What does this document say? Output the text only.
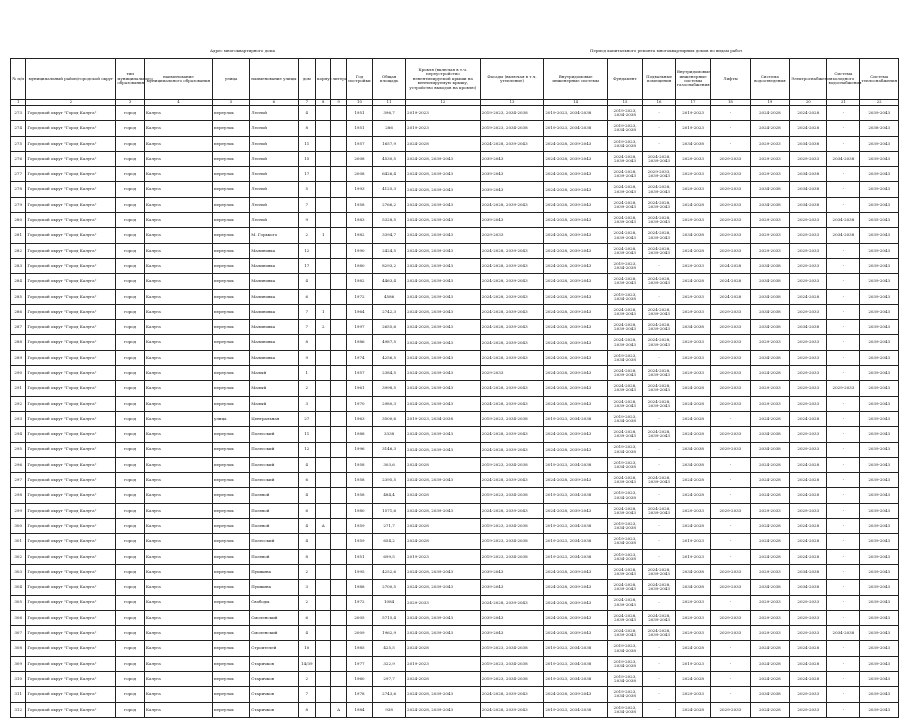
Адрес многоквартирного дома	Период капитального ремонта многоквартирных домов по видам работ
№ п/п	муниципальный район/городской округ	тип муниципального образования	наименование муниципального образования	улица	наименование улицы	дом	корпус	литера	Год постройки	Общая площадь	Кровля (включая в т.ч. переустройство невентилируемой крыши на вентилируемую крышу, устройство выходов на кровлю)	Фасады (включая в т.ч. утепление)	Внутридомовые инженерные системы	Фундамент	Подвальные помещения	Внутридомовые инженерные системы газоснабжения	Лифты	Система водоотведения	Электроснабжения	Система холодного водоснабжения	Система теплоснабжения
1	2	3	4	5	6	7	8	9	10	11	12	13	14	15	16	17	18	19	20	21	22
273	Городской округ "Город Калуга"	город	Калуга	переулок	Лесной	4			1951	396,7	2019-2023	2019-2023, 2034-2038	2019-2023, 2034-2038	2019-2023, 2034-2038	-	2019-2023	-	2024-2028	2024-2028	-	2039-2043
274	Городской округ "Город Калуга"	город	Калуга	переулок	Лесной	8			1951	286	2019-2023	2019-2023, 2034-2038	2019-2023, 2034-2038	2019-2023, 2034-2038	-	2019-2023	-	2024-2028	2024-2028	-	2038-2043
275	Городской округ "Город Калуга"	город	Калуга	переулок	Лесной	11			1957	1657,9	2024-2028	2024-2028, 2039-2043	2024-2028, 2039-2043	2019-2023, 2034-2038	-	2034-2038	-	2029-2033	2034-2038	-	2039-2043
276	Городской округ "Город Калуга"	город	Калуга	переулок	Лесной	15			2008	4530,5	2024-2028, 2039-2043	2039-2043	2024-2028, 2039-2043	2024-2028, 2039-2043	2024-2028, 2039-2043	2029-2033	2029-2033	2029-2033	2029-2033	2034-2038	2039-2043
277	Городской округ "Город Калуга"	город	Калуга	переулок	Лесной	17			2008	6426,4	2024-2028, 2039-2043	2039-2043	2024-2028, 2039-2043	2024-2028, 2039-2043	2029-2033, 2039-2043	2029-2033	2029-2033	2029-2033	2034-2038	-	2039-2043
278	Городской округ "Город Калуга"	город	Калуга	переулок	Лесной	5			1993	4125,3	2024-2028, 2039-2043	2039-2043	2024-2028, 2039-2043	2024-2028, 2039-2043	2024-2028, 2039-2043	2029-2033	2029-2033	2034-2038	2034-2038	-	2039-2043
279	Городской округ "Город Калуга"	город	Калуга	переулок	Лесной	7			1958	2766,2	2024-2028, 2039-2043	2024-2028, 2039-2043	2024-2028, 2039-2043	2024-2028, 2039-2043	2024-2028, 2039-2043	2024-2028	2029-2033	2034-2038	2034-2038	-	2039-2043
280	Городской округ "Город Калуга"	город	Калуга	переулок	Лесной	9			1983	5328,5	2024-2028, 2039-2043	2039-2043	2024-2028, 2039-2043	2024-2028, 2039-2043	2024-2028, 2039-2043	2029-2033	2029-2033	2029-2033	2029-2033	2034-2038	2035-2043
281	Городской округ "Город Калуга"	город	Калуга	переулок	М. Горького	2	1		1982	3394,7	2024-2028, 2039-2043	2029-2033	2024-2028, 2039-2043	2024-2028, 2039-2043	2024-2028, 2039-2043	2034-2038	2029-2033	2029-2033	2029-2033	2034-2038	2039-2043
282	Городской округ "Город Калуга"	город	Калуга	переулок	Малиновка	12			1990	2424,5	2024-2028, 2039-2043	2024-2028, 2039-2043	2024-2028, 2039-2043	2024-2028, 2039-2043	2024-2028, 2039-2043	2024-2028	2029-2033	2029-2033	2029-2033	-	2039-2043
283	Городской округ "Город Калуга"	город	Калуга	переулок	Малиновка	17			1980	8293,2	2024-2028, 2039-2043	2024-2028, 2039-2043	2024-2028, 2039-2043	2019-2023, 2034-2038	-	2029-2033	2024-2028	2034-2038	2029-2033	-	2039-2043
284	Городской округ "Город Калуга"	город	Калуга	переулок	Малиновка	4			1982	4463,4	2024-2028, 2039-2043	2024-2028, 2039-2043	2024-2028, 2039-2043	2024-2028, 2039-2043	2024-2028, 2039-2043	2024-2028	2024-2028	2034-2038	2029-2033	-	2039-2043
285	Городской округ "Город Калуга"	город	Калуга	переулок	Малиновка	6			1972	4586	2024-2028, 2039-2043	2024-2028, 2039-2043	2024-2028, 2039-2043	2019-2023, 2034-2038	-	2029-2033	2024-2028	2034-2038	2024-2028	-	2039-2043
286	Городской округ "Город Калуга"	город	Калуга	переулок	Малиновка	7	1		1964	2742,3	2024-2028, 2039-2043	2024-2028, 2039-2043	2024-2028, 2039-2043	2024-2028, 2039-2043	2024-2028, 2039-2043	2029-2033	2029-2033	2034-2038	2029-2033	-	2039-2043
287	Городской округ "Город Калуга"	город	Калуга	переулок	Малиновка	7	2		1997	2655,6	2024-2028, 2039-2043	2024-2028, 2039-2043	2024-2028, 2039-2043	2024-2028, 2039-2043	2024-2028, 2039-2043	2034-2038	2029-2033	2034-2038	2034-2038	-	2039-2043
288	Городской округ "Город Калуга"	город	Калуга	переулок	Малиновка	8			1986	4987,5	2024-2028, 2039-2043	2024-2028, 2039-2043	2024-2028, 2039-2043	2024-2028, 2039-2043	2024-2028, 2039-2043	2029-2033	2029-2033	2029-2033	2029-2033	-	2039-2043
289	Городской округ "Город Калуга"	город	Калуга	переулок	Малиновка	9			1974	4256,5	2024-2028, 2039-2043	2024-2028, 2039-2043	2024-2028, 2039-2043	2019-2023, 2034-2038	-	2029-2033	2029-2033	2034-2038	2029-2033	-	2039-2043
290	Городской округ "Город Калуга"	город	Калуга	переулок	Малый	1			1957	2384,5	2024-2028, 2039-2043	2029-2033	2024-2028, 2039-2043	2024-2028, 2039-2043	2024-2028, 2039-2043	2029-2033	2029-2033	2024-2028	2029-2033	-	2039-2043
291	Городской округ "Город Калуга"	город	Калуга	переулок	Малый	2			1961	3998,5	2024-2028, 2039-2043	2024-2028, 2039-2043	2024-2028, 2039-2043	2024-2028, 2039-2043	2024-2028, 2039-2043	2024-2028	2029-2033	2029-2033	2029-2033	2029-2033	2039-2043
292	Городской округ "Город Калуга"	город	Калуга	переулок	Малый	3			1970	2980,3	2024-2028, 2039-2043	2024-2028, 2039-2043	2024-2028, 2039-2043	2024-2028, 2039-2043	2024-2028, 2039-2043	2024-2028	2029-2033	2029-2033	2029-2033	-	2039-2043
293	Городской округ "Город Калуга"	город	Калуга	улица	Центральная	27			1963	3500,6	2019-2023, 2034-2038	2019-2023, 2034-2038	2019-2023, 2034-2038	2019-2023, 2034-2038	-	2024-2028	-	2024-2028	2024-2028	-	2039-2043
294	Городской округ "Город Калуга"	город	Калуга	переулок	Полесский	11			1988	3338	2024-2028, 2039-2043	2024-2028, 2039-2043	2024-2028, 2039-2043	2024-2028, 2039-2043	2024-2028, 2039-2043	2024-2028	2029-2033	2034-2038	2029-2033	-	2039-2043
295	Городской округ "Город Калуга"	город	Калуга	переулок	Полесский	12			1996	3146,3	2024-2028, 2039-2043	2024-2028, 2039-2043	2024-2028, 2039-2043	2019-2023, 2034-2038	-	2034-2038	2029-2033	2034-2038	2029-2033	-	2039-2043
296	Городской округ "Город Калуга"	город	Калуга	переулок	Полесский	4			1958	303,6	2024-2028	2019-2023, 2034-2038	2019-2023, 2034-2038	2019-2023, 2034-2038	-	2034-2038	-	2024-2028	2024-2028	-	2039-2043
297	Городской округ "Город Калуга"	город	Калуга	переулок	Полесский	6			1958	2395,5	2024-2028, 2039-2043	2024-2028, 2039-2043	2024-2028, 2039-2043	2024-2028, 2039-2043	2024-2028, 2039-2043	2024-2028	-	2024-2028	2024-2028	-	2039-2043
298	Городской округ "Город Калуга"	город	Калуга	переулок	Полевой	4			1958	484,4	2024-2028	2019-2023, 2034-2038	2019-2023, 2034-2038	2019-2023, 2034-2038	-	2024-2028	-	2024-2028	2024-2028	-	2039-2043
299	Городской округ "Город Калуга"	город	Калуга	переулок	Полевой	6			1980	1571,6	2024-2028, 2039-2043	2024-2028, 2039-2043	2024-2028, 2039-2043	2024-2028, 2039-2043	2024-2028, 2039-2043	2029-2033	2029-2033	2029-2033	2029-2033	-	2039-2043
300	Городской округ "Город Калуга"	город	Калуга	переулок	Полевой	4	А		1959	271,7	2024-2028	2019-2023, 2034-2038	2019-2023, 2034-2038	2019-2023, 2034-2038	-	2024-2028	-	2024-2028	2024-2028	-	2039-2043
301	Городской округ "Город Калуга"	город	Калуга	переулок	Полесский	4			1959	654,2	2024-2028	2019-2023, 2034-2038	2019-2023, 2034-2038	2019-2023, 2034-2038	-	2019-2023	-	2024-2028	2024-2028	-	2039-2043
302	Городской округ "Город Калуга"	город	Калуга	переулок	Полевой	8			1951	699,5	2019-2023	2019-2023, 2034-2038	2019-2023, 2034-2038	2019-2023, 2034-2038	-	2019-2023	-	2024-2028	2024-2028	-	2039-2043
303	Городской округ "Город Калуга"	город	Калуга	переулок	Пушкина	2			1995	4252,6	2024-2028, 2039-2043	2039-2043	2024-2028, 2039-2043	2024-2028, 2039-2043	2024-2028, 2039-2043	2034-2038	2029-2033	2029-2033	2034-2038	-	2039-2043
304	Городской округ "Город Калуга"	город	Калуга	переулок	Пушкина	3			1988	2700,5	2024-2028, 2039-2043	2039-2043	2024-2028, 2039-2043	2024-2028, 2039-2043	2024-2028, 2039-2043	2034-2038	2029-2033	2034-2038	2034-2038	-	2039-2043
305	Городской округ "Город Калуга"	город	Калуга	переулок	Свободы	2			1972	1084	2029-2033	2024-2028, 2039-2043	2024-2028, 2039-2043	2024-2028, 2039-2043	-	2029-2033	-	2029-2033	2029-2033	-	2039-2043
306	Городской округ "Город Калуга"	город	Калуга	переулок	Смоленский	6			2005	5715,4	2024-2028, 2039-2043	2039-2043	2024-2028, 2039-2043	2024-2028, 2039-2043	2024-2028, 2039-2043	2029-2033	2029-2033	2029-2033	2029-2033	-	2039-2043
307	Городской округ "Город Калуга"	город	Калуга	переулок	Смоленский	4			2009	1962,9	2024-2028, 2039-2043	2039-2043	2024-2028, 2039-2043	2024-2028, 2039-2043	2024-2028, 2039-2043	2029-2033	2029-2033	2029-2033	2029-2033	2034-2038	2039-2043
308	Городской округ "Город Калуга"	город	Калуга	переулок	Строителей	10			1985	425,5	2024-2028	2019-2023, 2034-2038	2019-2023, 2034-2038	2019-2023, 2034-2038	-	2024-2028	-	2024-2028	2024-2028	-	2039-2043
309	Городской округ "Город Калуга"	город	Калуга	переулок	Старичков	14/39			1977	322,9	2019-2023	2019-2023, 2034-2038	2019-2023, 2034-2038	2019-2023, 2034-2038	-	2019-2023	-	2024-2028	2024-2028	-	2039-2043
310	Городской округ "Город Калуга"	город	Калуга	переулок	Старичков	2			1960	297,7	2024-2028	2019-2023, 2034-2038	2019-2023, 2034-2038	2019-2023, 2034-2038	-	2024-2028	-	2024-2028	2024-2028	-	2039-2043
311	Городской округ "Город Калуга"	город	Калуга	переулок	Старичков	7			1978	2743,6	2024-2028, 2039-2043	2024-2028, 2039-2043	2024-2028, 2039-2043	2019-2023, 2034-2038	-	2029-2033	-	2034-2038	2029-2033	-	2039-2043
312	Городской округ "Город Калуга"	город	Калуга	переулок	Старичков	8		А	1984	938	2024-2028, 2039-2043	2024-2028, 2039-2043	2019-2023, 2034-2038	2019-2023, 2034-2038	-	2024-2028	2029-2033	2024-2028	2029-2033	-	2039-2043
